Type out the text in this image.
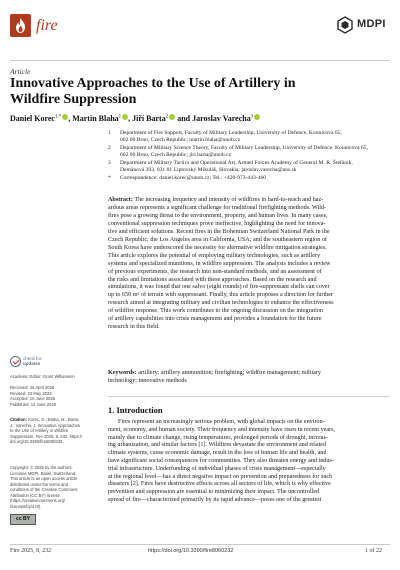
fire	MDPI
Article
Innovative Approaches to the Use of Artillery in
Wildfire Suppression
Daniel Korec$^{1,*}$ , Martin Blaha$^1$ , Jiří Barta$^2$ and Jaroslav Varecha$^3$
1 Department of Fire Support, Faculty of Military Leadership, University of Defence, Kounicova 65,
602 00 Brno, Czech Republic; martin.blaha@unob.cz
2 Department of Military Science Theory, Faculty of Military Leadership, University of Defence, Kounicova 65,
602 00 Brno, Czech Republic; jiri.barta@unob.cz
3 Department of Military Tactics and Operational Art, Armed Forces Academy of General M. R. Štefánik,
Demänová 393, 031 01 Liptovský Mikuláš, Slovakia; jaroslav.varecha@aos.sk
* Correspondence: daniel.korec@unob.cz; Tel.: +420-973-443-460
Abstract: The increasing frequency and intensity of wildfires in hard-to-reach and haz-
ardous areas represents a significant challenge for traditional firefighting methods. Wild-
fires pose a growing threat to the environment, property, and human lives. In many cases,
conventional suppression techniques prove ineffective, highlighting the need for innova-
tive and efficient solutions. Recent fires in the Bohemian Switzerland National Park in the
Czech Republic; the Los Angeles area in California, USA; and the southeastern region of
South Korea have underscored the necessity for alternative wildfire mitigation strategies.
This article explores the potential of employing military technologies, such as artillery
systems and specialized munitions, in wildfire suppression. The analysis includes a review
of previous experiments, the research into non-standard methods, and an assessment of
the risks and limitations associated with these approaches. Based on the research and
simulations, it was found that one salvo (eight rounds) of fire-suppressant shells can cover
up to 650 m² of terrain with suppressant. Finally, this article proposes a direction for further
research aimed at integrating military and civilian technologies to enhance the effectiveness
of wildfire response. This work contributes to the ongoing discussion on the integration
of artillery capabilities into crisis management and provides a foundation for the future
research in this field.
Keywords: artillery; artillery ammunition; firefighting; wildfire management; military
technology; innovative methods
1. Introduction
Fires represent an increasingly serious problem, with global impacts on the environ-
ment, economy, and human society. Their frequency and intensity have risen in recent years,
mainly due to climate change, rising temperatures, prolonged periods of drought, increas-
ing urbanization, and similar factors [1]. Wildfires devastate the environment and related
climate systems, cause economic damage, result in the loss of human life and health, and
have significant social consequences for communities. They also threaten energy and indus-
trial infrastructure. Underfunding of individual phases of crisis management—especially
at the regional level—has a direct negative impact on prevention and preparedness for such
disasters [2]. Fires have destructive effects across all sectors of life, which is why effective
prevention and suppression are essential to minimizing their impact. The uncontrolled
spread of fire—characterized primarily by its rapid advance—poses one of the greatest
check for
updates
Academic Editor: Grant Williamson
Received: 25 April 2025
Revised: 23 May 2025
Accepted: 10 June 2025
Published: 12 June 2025
Citation: Korec, D.; Blaha, M.; Barta,
J.; Varecha, J. Innovative Approaches
to the Use of Artillery in Wildfire
Suppression. Fire 2025, 8, 232. https://
doi.org/10.3390/fire8060232
Copyright: © 2025 by the authors.
Licensee MDPI, Basel, Switzerland.
This article is an open access article
distributed under the terms and
conditions of the Creative Commons
Attribution (CC BY) license
(https://creativecommons.org/
licenses/by/4.0/).
cc BY
Fire 2025, 8, 232	https://doi.org/10.3390/fire8060232	1 of 22
